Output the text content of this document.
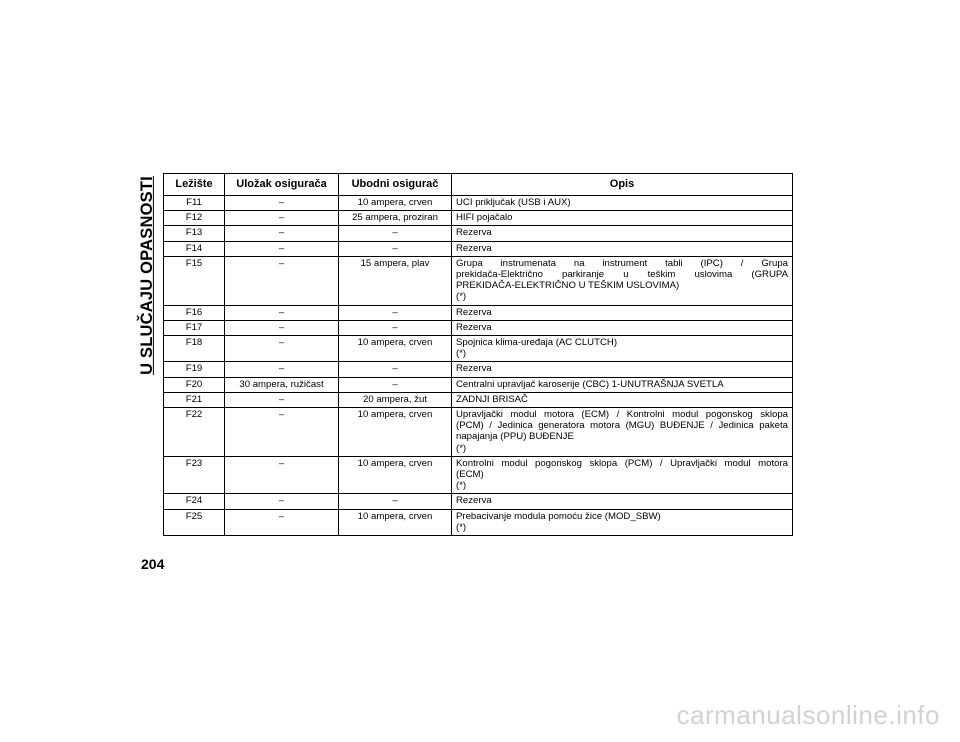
U SLUČAJU OPASNOSTI Ležište	Uložak osigurača	Ubodni osigurač	Opis
F11	–	10 ampera, crven	UCI priključak (USB i AUX)

F12	–	25 ampera, proziran	HIFI pojačalo

F13	–	–	Rezerva

F14	–	–	Rezerva

F15	–	15 ampera, plav	Grupa instrumenata na instrument tabli (IPC) / Grupa
prekidača-Električno parkiranje u teškim uslovima (GRUPA
PREKIDAČA-ELEKTRIČNO U TEŠKIM USLOVIMA)
(*)

F16	–	–	Rezerva

F17	–	–	Rezerva

F18	–	10 ampera, crven	Spojnica klima-uređaja (AC CLUTCH)
(*)

F19	–	–	Rezerva

F20	30 ampera, ružičast	–	Centralni upravljač karoserije (CBC) 1-UNUTRAŠNJA SVETLA

F21	–	20 ampera, žut	ZADNJI BRISAČ

F22	–	10 ampera, crven	Upravljački modul motora (ECM) / Kontrolni modul pogonskog sklopa
(PCM) / Jedinica generatora motora (MGU) BUĐENJE / Jedinica paketa
napajanja (PPU) BUĐENJE
(*)

F23	–	10 ampera, crven	Kontrolni modul pogonskog sklopa (PCM) / Upravljački modul motora
(ECM)
(*)

F24	–	–	Rezerva

F25	–	10 ampera, crven	Prebacivanje modula pomoću žice (MOD_SBW)
(*)
204
carmanualsonline.info
